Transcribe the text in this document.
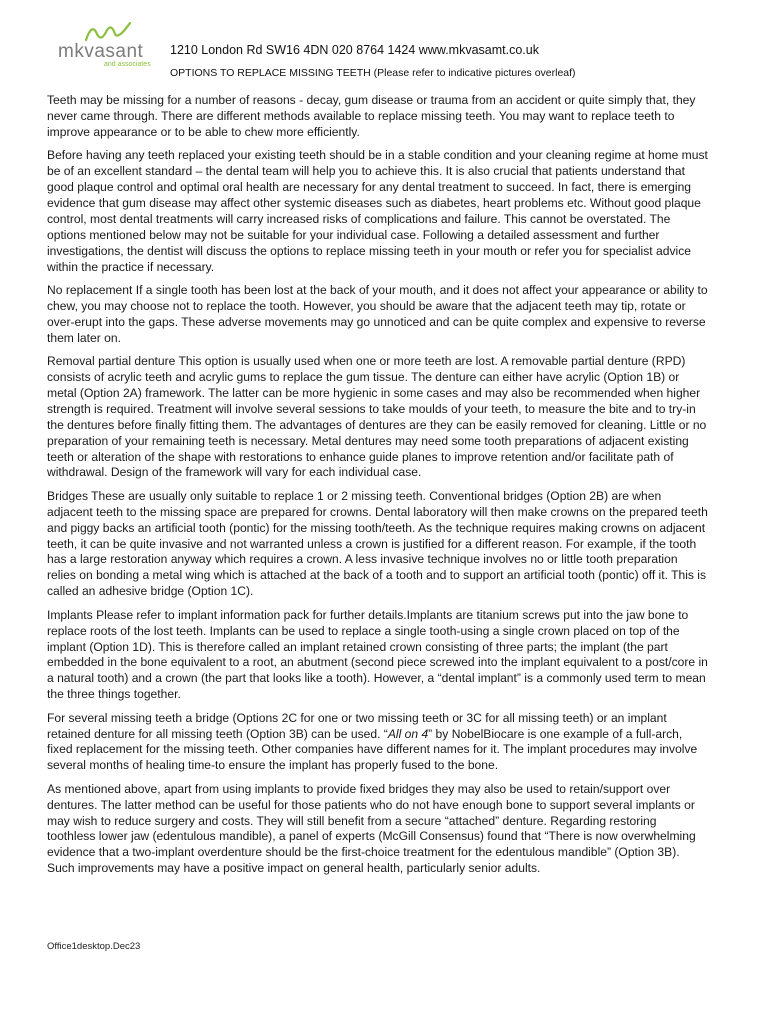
mkvasant
and associates
1210 London Rd SW16 4DN 020 8764 1424 www.mkvasamt.co.uk
OPTIONS TO REPLACE MISSING TEETH (Please refer to indicative pictures overleaf)

Teeth may be missing for a number of reasons - decay, gum disease or trauma from an accident or quite simply that, they never came through. There are different methods available to replace missing teeth. You may want to replace teeth to improve appearance or to be able to chew more efficiently.

Before having any teeth replaced your existing teeth should be in a stable condition and your cleaning regime at home must be of an excellent standard – the dental team will help you to achieve this. It is also crucial that patients understand that good plaque control and optimal oral health are necessary for any dental treatment to succeed. In fact, there is emerging evidence that gum disease may affect other systemic diseases such as diabetes, heart problems etc. Without good plaque control, most dental treatments will carry increased risks of complications and failure. This cannot be overstated. The options mentioned below may not be suitable for your individual case. Following a detailed assessment and further investigations, the dentist will discuss the options to replace missing teeth in your mouth or refer you for specialist advice within the practice if necessary.

No replacement If a single tooth has been lost at the back of your mouth, and it does not affect your appearance or ability to chew, you may choose not to replace the tooth. However, you should be aware that the adjacent teeth may tip, rotate or over-erupt into the gaps. These adverse movements may go unnoticed and can be quite complex and expensive to reverse them later on.

Removal partial denture This option is usually used when one or more teeth are lost. A removable partial denture (RPD) consists of acrylic teeth and acrylic gums to replace the gum tissue. The denture can either have acrylic (Option 1B) or metal (Option 2A) framework. The latter can be more hygienic in some cases and may also be recommended when higher strength is required. Treatment will involve several sessions to take moulds of your teeth, to measure the bite and to try-in the dentures before finally fitting them. The advantages of dentures are they can be easily removed for cleaning. Little or no preparation of your remaining teeth is necessary. Metal dentures may need some tooth preparations of adjacent existing teeth or alteration of the shape with restorations to enhance guide planes to improve retention and/or facilitate path of withdrawal. Design of the framework will vary for each individual case.

Bridges These are usually only suitable to replace 1 or 2 missing teeth. Conventional bridges (Option 2B) are when adjacent teeth to the missing space are prepared for crowns. Dental laboratory will then make crowns on the prepared teeth and piggy backs an artificial tooth (pontic) for the missing tooth/teeth. As the technique requires making crowns on adjacent teeth, it can be quite invasive and not warranted unless a crown is justified for a different reason. For example, if the tooth has a large restoration anyway which requires a crown. A less invasive technique involves no or little tooth preparation relies on bonding a metal wing which is attached at the back of a tooth and to support an artificial tooth (pontic) off it. This is called an adhesive bridge (Option 1C).

Implants Please refer to implant information pack for further details.Implants are titanium screws put into the jaw bone to replace roots of the lost teeth. Implants can be used to replace a single tooth-using a single crown placed on top of the implant (Option 1D). This is therefore called an implant retained crown consisting of three parts; the implant (the part embedded in the bone equivalent to a root, an abutment (second piece screwed into the implant equivalent to a post/core in a natural tooth) and a crown (the part that looks like a tooth). However, a “dental implant” is a commonly used term to mean the three things together.

For several missing teeth a bridge (Options 2C for one or two missing teeth or 3C for all missing teeth) or an implant retained denture for all missing teeth (Option 3B) can be used. “All on 4” by NobelBiocare is one example of a full-arch, fixed replacement for the missing teeth. Other companies have different names for it. The implant procedures may involve several months of healing time-to ensure the implant has properly fused to the bone.

As mentioned above, apart from using implants to provide fixed bridges they may also be used to retain/support over dentures. The latter method can be useful for those patients who do not have enough bone to support several implants or may wish to reduce surgery and costs. They will still benefit from a secure “attached” denture. Regarding restoring toothless lower jaw (edentulous mandible), a panel of experts (McGill Consensus) found that “There is now overwhelming evidence that a two-implant overdenture should be the first-choice treatment for the edentulous mandible” (Option 3B). Such improvements may have a positive impact on general health, particularly senior adults.

Office1desktop.Dec23
